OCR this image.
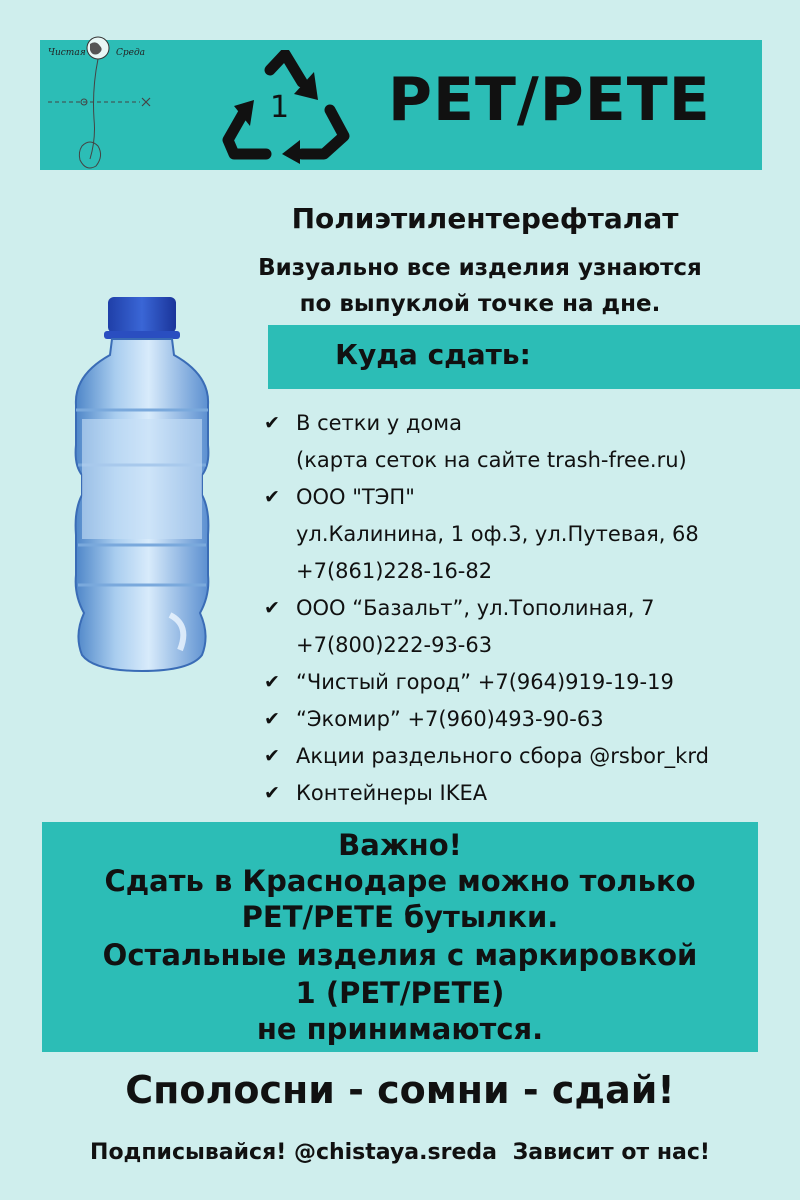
Чистая	Среда
1 PET/PETE
Полиэтилентерефталат
Визуально все изделия узнаются
по выпуклой точке на дне.
Куда сдать:
✔ В сетки у дома
(карта сеток на сайте trash-free.ru)
✔ ООО "ТЭП"
ул.Калинина, 1 оф.3, ул.Путевая, 68
+7(861)228-16-82
✔ ООО “Базальт”, ул.Тополиная, 7
+7(800)222-93-63
✔ “Чистый город” +7(964)919-19-19
✔ “Экомир” +7(960)493-90-63
✔ Акции раздельного сбора @rsbor_krd
✔ Контейнеры IKEA
Важно!
Сдать в Краснодаре можно только
PET/PETE бутылки.
Остальные изделия с маркировкой
1 (PET/PETE)
не принимаются.
Сполосни - сомни - сдай!
Подписывайся! @chistaya.sreda Зависит от нас!
